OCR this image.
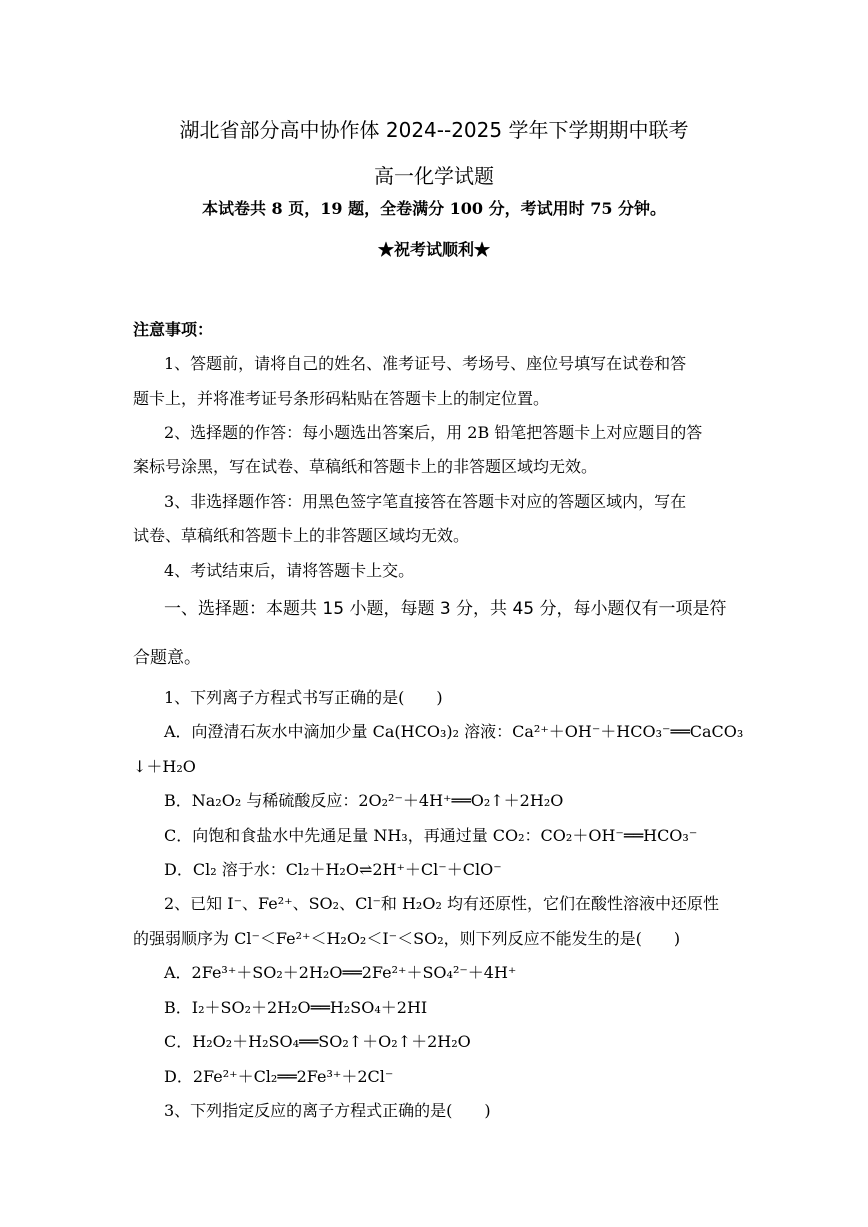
湖北省部分高中协作体 2024--2025 学年下学期期中联考
高一化学试题
本试卷共 8 页，19 题，全卷满分 100 分，考试用时 75 分钟。
★祝考试顺利★
注意事项：
1、答题前，请将自己的姓名、准考证号、考场号、座位号填写在试卷和答
题卡上，并将准考证号条形码粘贴在答题卡上的制定位置。
2、选择题的作答：每小题选出答案后，用 2B 铅笔把答题卡上对应题目的答
案标号涂黑，写在试卷、草稿纸和答题卡上的非答题区域均无效。
3、非选择题作答：用黑色签字笔直接答在答题卡对应的答题区域内，写在
试卷、草稿纸和答题卡上的非答题区域均无效。
4、考试结束后，请将答题卡上交。
一、选择题：本题共 15 小题，每题 3 分，共 45 分，每小题仅有一项是符
合题意。
1、下列离子方程式书写正确的是(　　)
A．向澄清石灰水中滴加少量 Ca(HCO₃)₂ 溶液：Ca²⁺＋OH⁻＋HCO₃⁻══CaCO₃
↓＋H₂O
B．Na₂O₂ 与稀硫酸反应：2O₂²⁻＋4H⁺══O₂↑＋2H₂O
C．向饱和食盐水中先通足量 NH₃，再通过量 CO₂：CO₂＋OH⁻══HCO₃⁻
D．Cl₂ 溶于水：Cl₂＋H₂O⇌2H⁺＋Cl⁻＋ClO⁻
2、已知 I⁻、Fe²⁺、SO₂、Cl⁻和 H₂O₂ 均有还原性，它们在酸性溶液中还原性
的强弱顺序为 Cl⁻＜Fe²⁺＜H₂O₂＜I⁻＜SO₂，则下列反应不能发生的是(　　)
A．2Fe³⁺＋SO₂＋2H₂O══2Fe²⁺＋SO₄²⁻＋4H⁺
B．I₂＋SO₂＋2H₂O══H₂SO₄＋2HI
C．H₂O₂＋H₂SO₄══SO₂↑＋O₂↑＋2H₂O
D．2Fe²⁺＋Cl₂══2Fe³⁺＋2Cl⁻
3、下列指定反应的离子方程式正确的是(　　)
